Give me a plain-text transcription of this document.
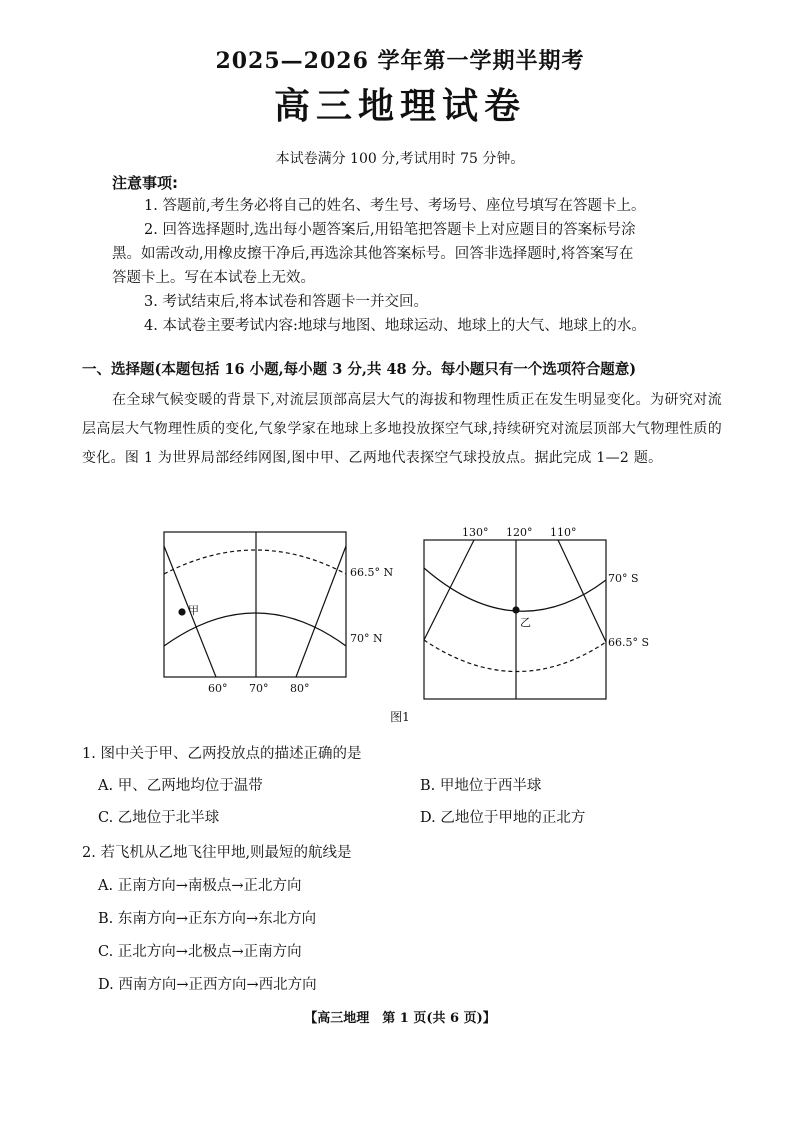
2025—2026 学年第一学期半期考
高三地理试卷
本试卷满分 100 分,考试用时 75 分钟。
注意事项:
1. 答题前,考生务必将自己的姓名、考生号、考场号、座位号填写在答题卡上。
2. 回答选择题时,选出每小题答案后,用铅笔把答题卡上对应题目的答案标号涂
黑。如需改动,用橡皮擦干净后,再选涂其他答案标号。回答非选择题时,将答案写在
答题卡上。写在本试卷上无效。
3. 考试结束后,将本试卷和答题卡一并交回。
4. 本试卷主要考试内容:地球与地图、地球运动、地球上的大气、地球上的水。
一、选择题(本题包括 16 小题,每小题 3 分,共 48 分。每小题只有一个选项符合题意)
在全球气候变暖的背景下,对流层顶部高层大气的海拔和物理性质正在发生明显变化。为研究对流层高层大气物理性质的变化,气象学家在地球上多地投放探空气球,持续研究对流层顶部大气物理性质的变化。图 1 为世界局部经纬网图,图中甲、乙两地代表探空气球投放点。据此完成 1—2 题。
甲
66.5° N
70° N
60° 70° 80°
130° 120° 110°
乙
70° S
66.5° S
图1
1. 图中关于甲、乙两投放点的描述正确的是
A. 甲、乙两地均位于温带	B. 甲地位于西半球
C. 乙地位于北半球	D. 乙地位于甲地的正北方
2. 若飞机从乙地飞往甲地,则最短的航线是
A. 正南方向→南极点→正北方向
B. 东南方向→正东方向→东北方向
C. 正北方向→北极点→正南方向
D. 西南方向→正西方向→西北方向
【高三地理　第 1 页(共 6 页)】
